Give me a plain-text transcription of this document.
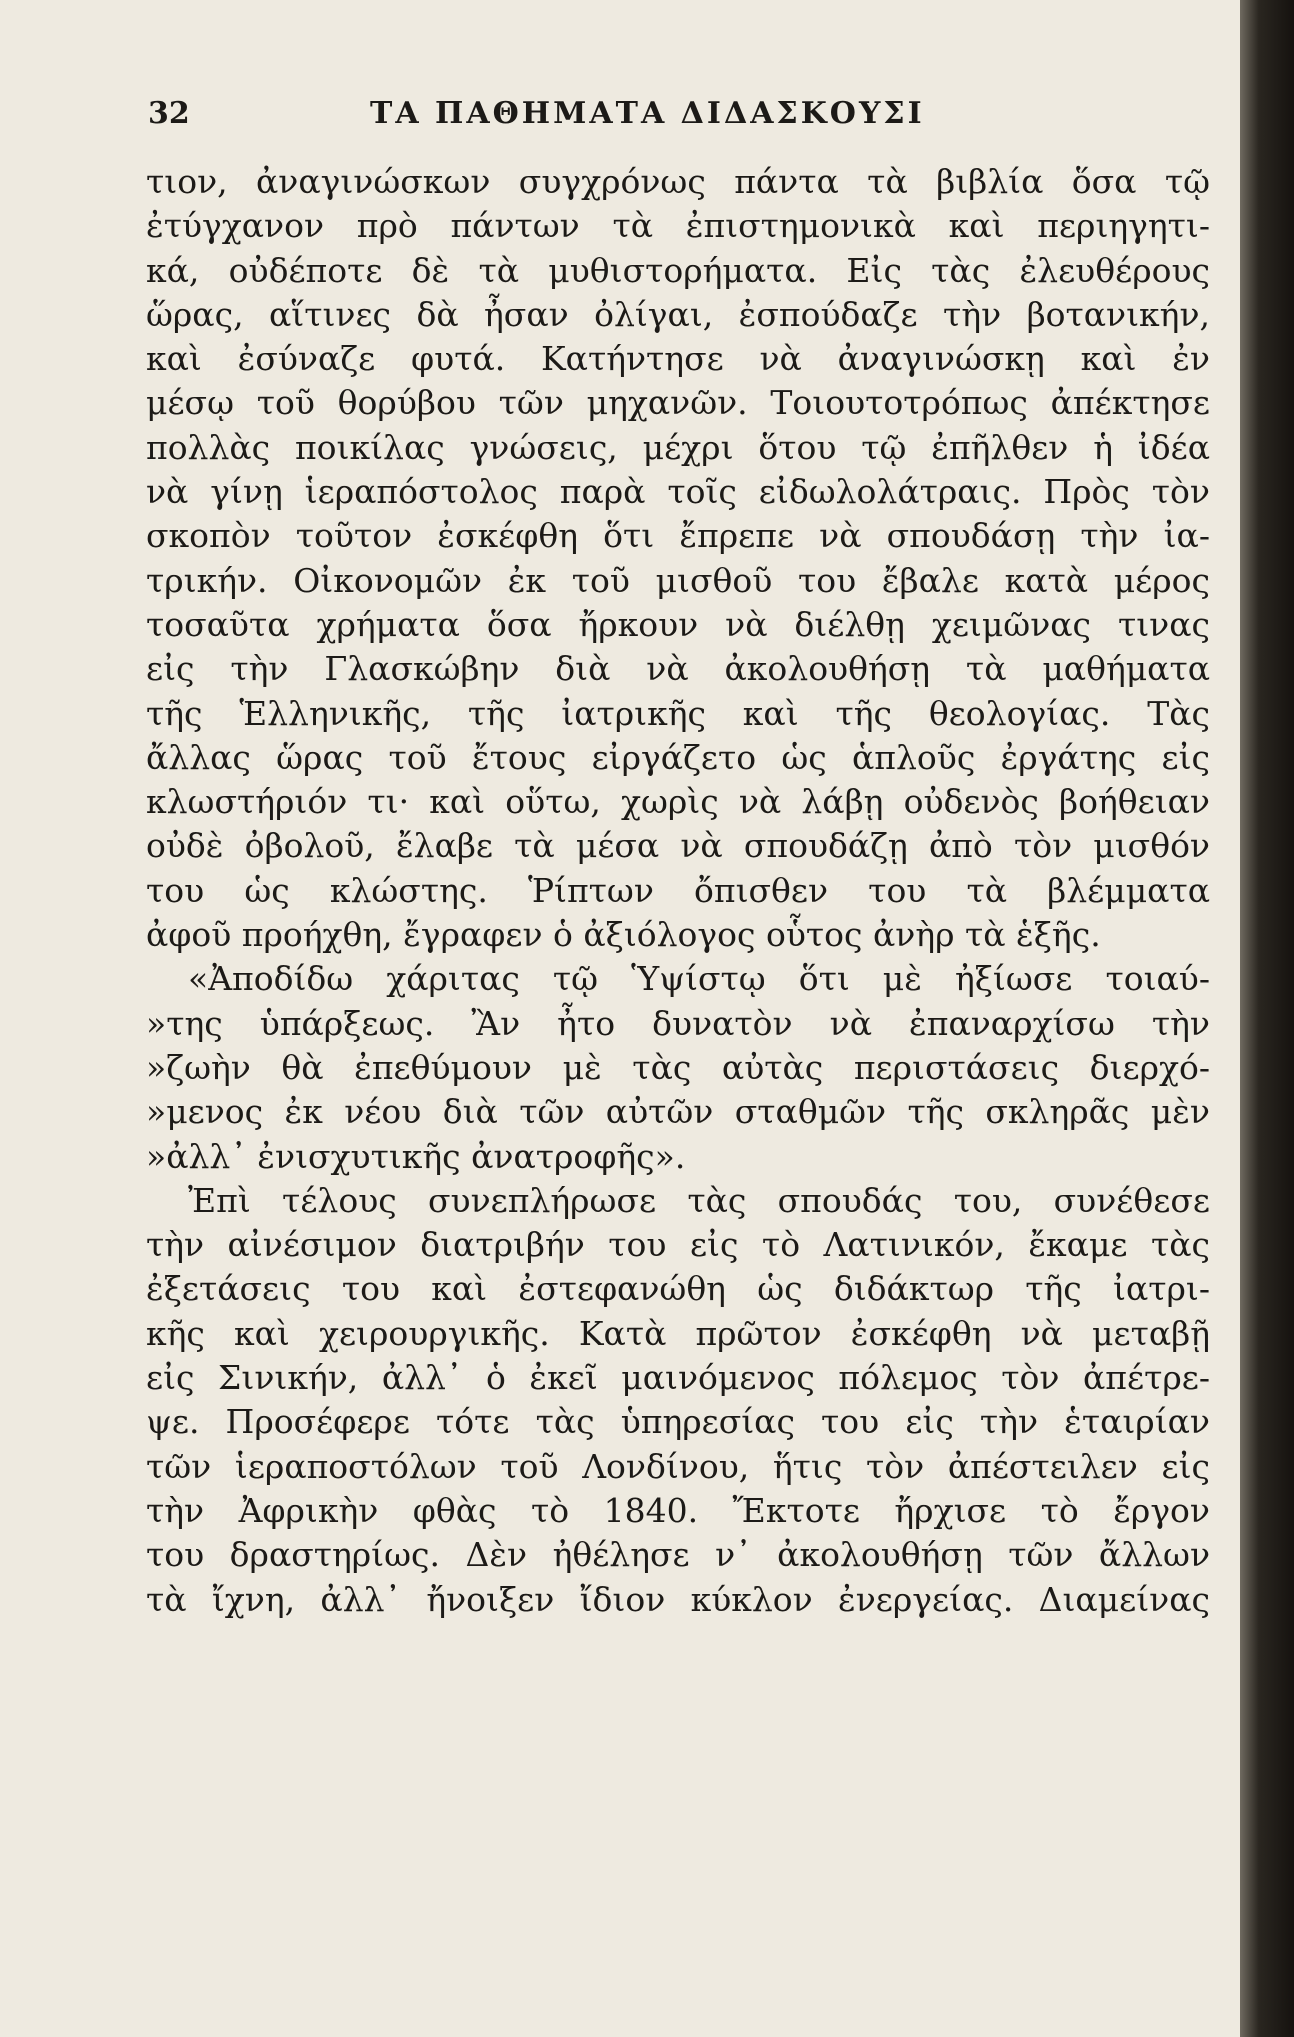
32	ΤΑ ΠΑΘΗΜΑΤΑ ΔΙΔΑΣΚΟΥΣΙ
τιον, ἀναγινώσκων συγχρόνως πάντα τὰ βιβλία ὅσα τῷ
ἐτύγχανον πρὸ πάντων τὰ ἐπιστημονικὰ καὶ περιηγητι-
κά, οὐδέποτε δὲ τὰ μυθιστορήματα. Εἰς τὰς ἐλευθέρους
ὥρας, αἵτινες δὰ ἦσαν ὀλίγαι, ἐσπούδαζε τὴν βοτανικήν,
καὶ ἐσύναζε φυτά. Κατήντησε νὰ ἀναγινώσκῃ καὶ ἐν
μέσῳ τοῦ θορύβου τῶν μηχανῶν. Τοιουτοτρόπως ἀπέκτησε
πολλὰς ποικίλας γνώσεις, μέχρι ὅτου τῷ ἐπῆλθεν ἡ ἰδέα
νὰ γίνῃ ἱεραπόστολος παρὰ τοῖς εἰδωλολάτραις. Πρὸς τὸν
σκοπὸν τοῦτον ἐσκέφθη ὅτι ἔπρεπε νὰ σπουδάσῃ τὴν ἰα-
τρικήν. Οἰκονομῶν ἐκ τοῦ μισθοῦ του ἔβαλε κατὰ μέρος
τοσαῦτα χρήματα ὅσα ἤρκουν νὰ διέλθῃ χειμῶνας τινας
εἰς τὴν Γλασκώβην διὰ νὰ ἀκολουθήσῃ τὰ μαθήματα
τῆς Ἑλληνικῆς, τῆς ἰατρικῆς καὶ τῆς θεολογίας. Τὰς
ἄλλας ὥρας τοῦ ἔτους εἰργάζετο ὡς ἁπλοῦς ἐργάτης εἰς
κλωστήριόν τι· καὶ οὕτω, χωρὶς νὰ λάβῃ οὐδενὸς βοήθειαν
οὐδὲ ὀβολοῦ, ἔλαβε τὰ μέσα νὰ σπουδάζῃ ἀπὸ τὸν μισθόν
του ὡς κλώστης. Ῥίπτων ὄπισθεν του τὰ βλέμματα
ἀφοῦ προήχθη, ἔγραφεν ὁ ἀξιόλογος οὗτος ἀνὴρ τὰ ἑξῆς.
«Ἀποδίδω χάριτας τῷ Ὑψίστῳ ὅτι μὲ ἠξίωσε τοιαύ-
»της ὑπάρξεως. Ἂν ἦτο δυνατὸν νὰ ἐπαναρχίσω τὴν
»ζωὴν θὰ ἐπεθύμουν μὲ τὰς αὐτὰς περιστάσεις διερχό-
»μενος ἐκ νέου διὰ τῶν αὐτῶν σταθμῶν τῆς σκληρᾶς μὲν
»ἀλλ᾽ ἐνισχυτικῆς ἀνατροφῆς».
Ἐπὶ τέλους συνεπλήρωσε τὰς σπουδάς του, συνέθεσε
τὴν αἰνέσιμον διατριβήν του εἰς τὸ Λατινικόν, ἔκαμε τὰς
ἐξετάσεις του καὶ ἐστεφανώθη ὡς διδάκτωρ τῆς ἰατρι-
κῆς καὶ χειρουργικῆς. Κατὰ πρῶτον ἐσκέφθη νὰ μεταβῇ
εἰς Σινικήν, ἀλλ᾽ ὁ ἐκεῖ μαινόμενος πόλεμος τὸν ἀπέτρε-
ψε. Προσέφερε τότε τὰς ὑπηρεσίας του εἰς τὴν ἑταιρίαν
τῶν ἱεραποστόλων τοῦ Λονδίνου, ἥτις τὸν ἀπέστειλεν εἰς
τὴν Ἀφρικὴν φθὰς τὸ 1840. Ἔκτοτε ἤρχισε τὸ ἔργον
του δραστηρίως. Δὲν ἠθέλησε ν᾽ ἀκολουθήσῃ τῶν ἄλλων
τὰ ἴχνη, ἀλλ᾽ ἤνοιξεν ἴδιον κύκλον ἐνεργείας. Διαμείνας
